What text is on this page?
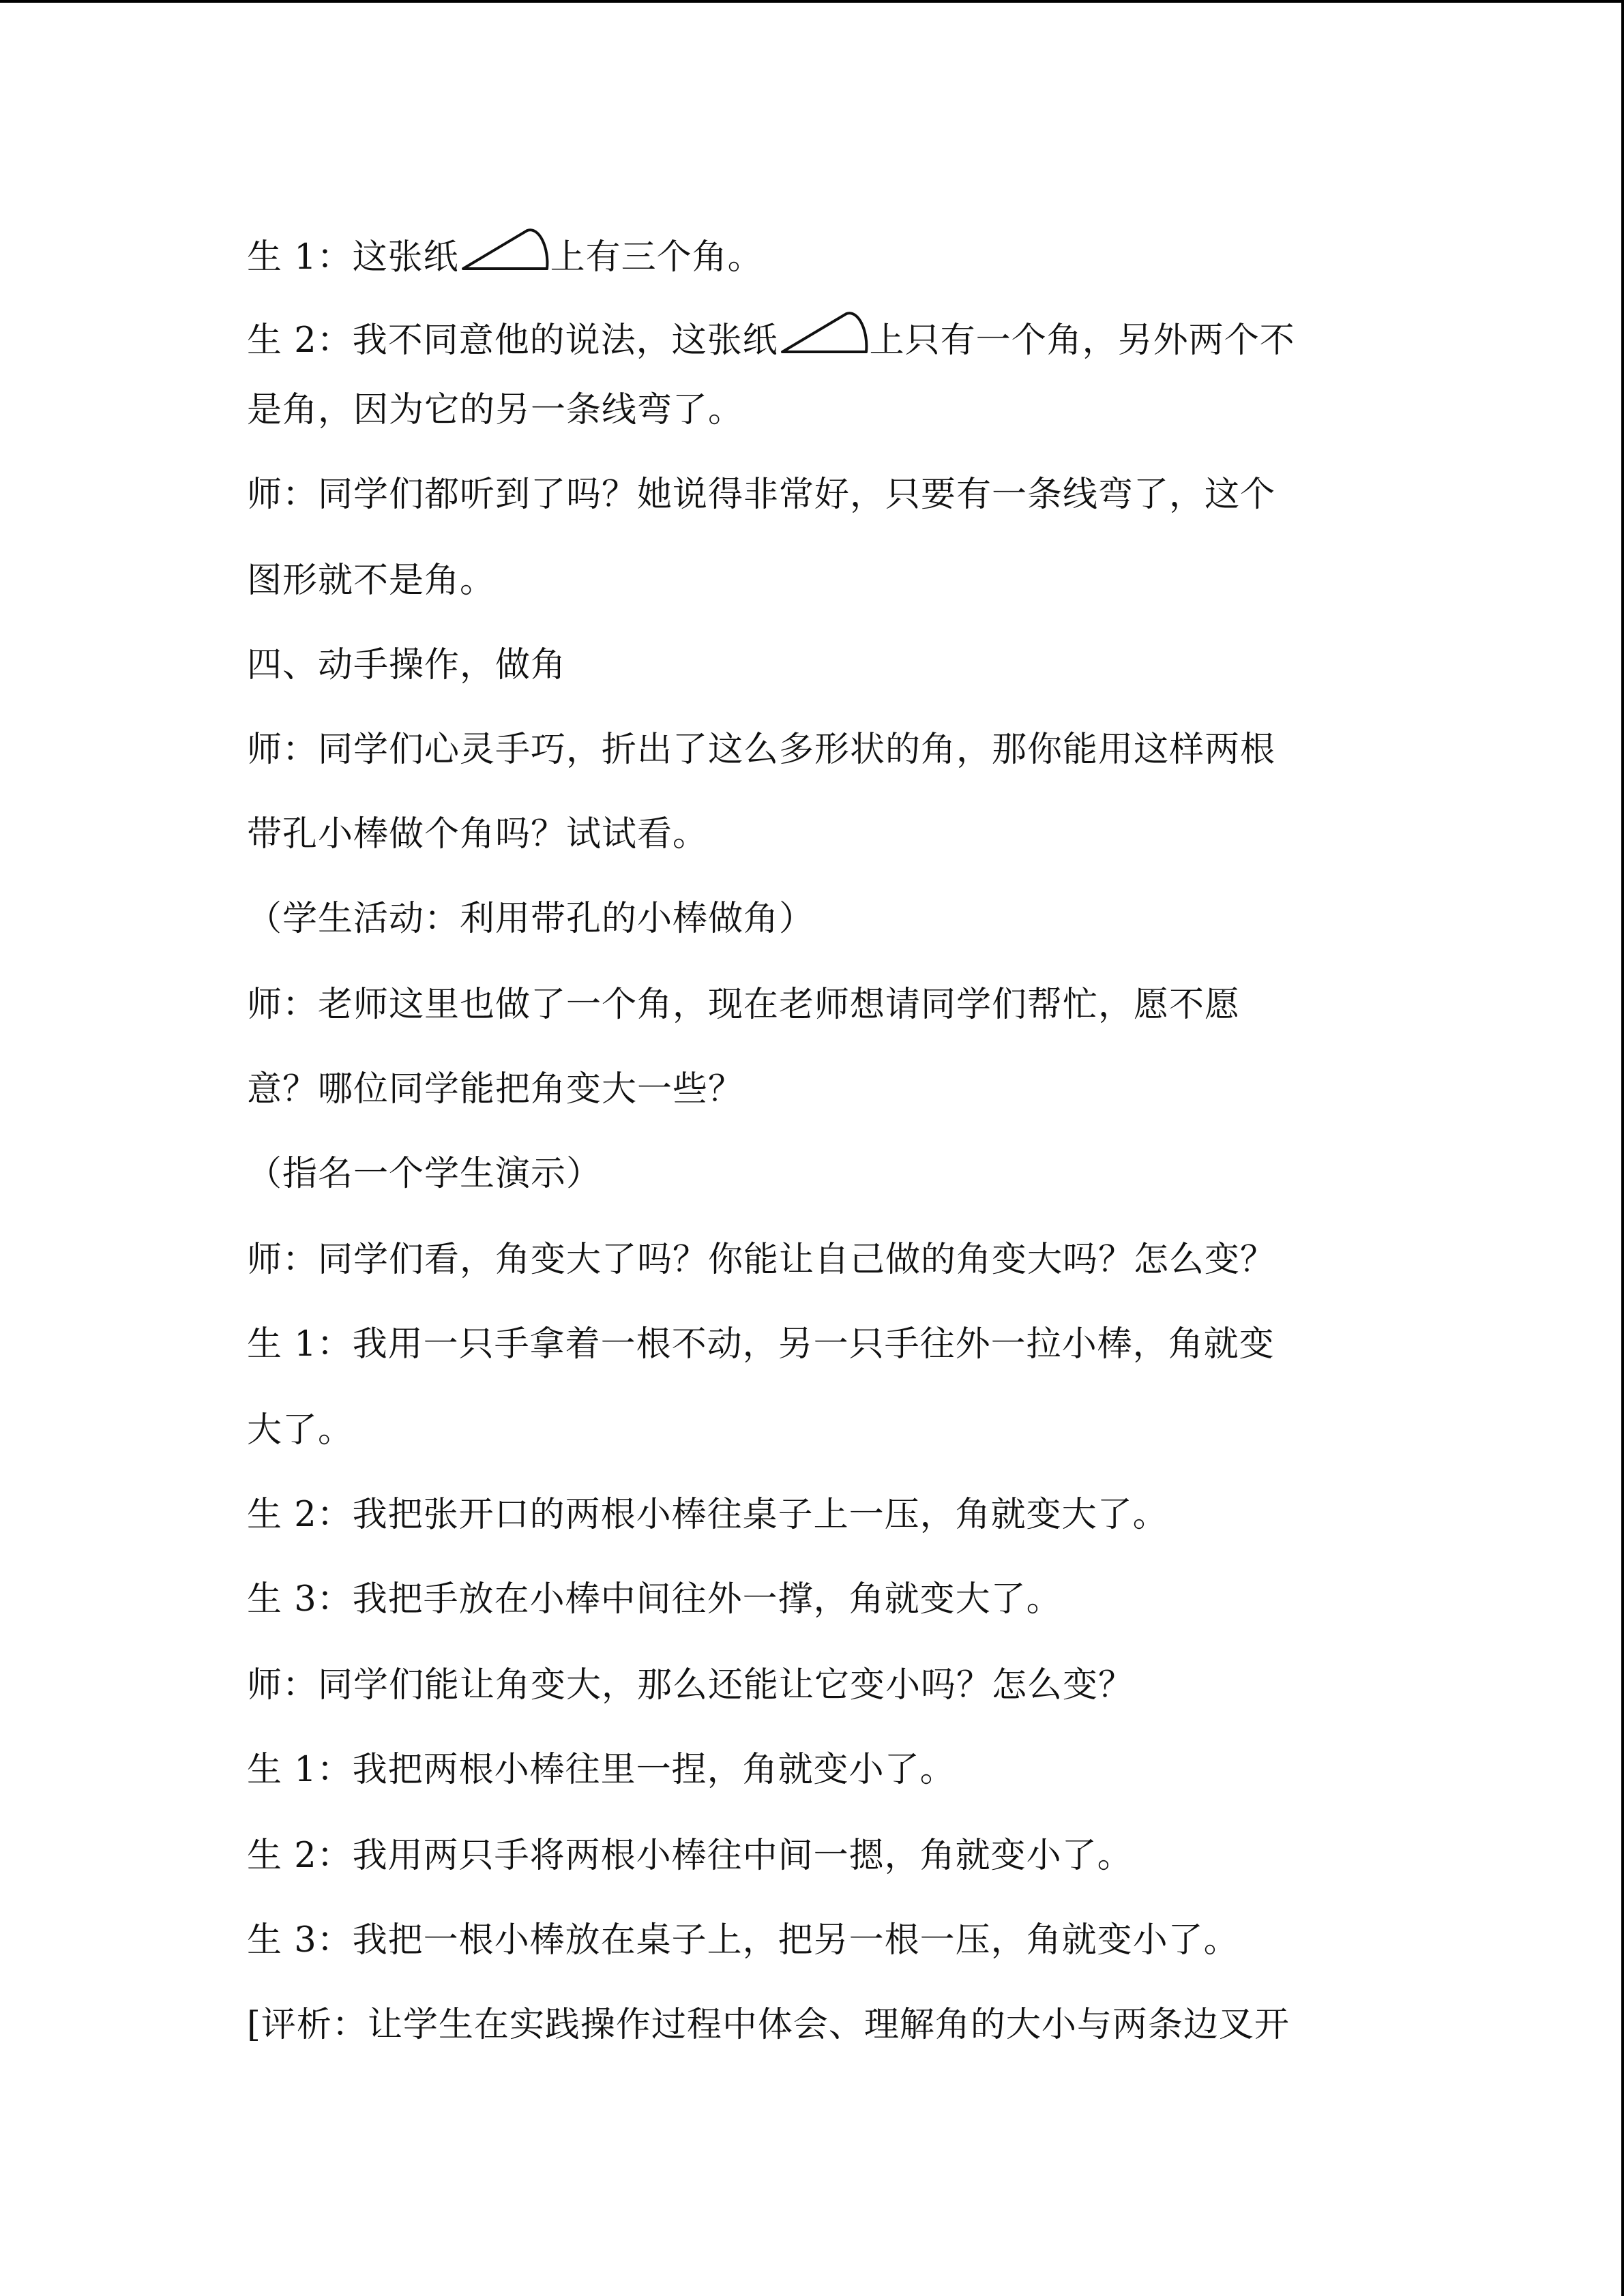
生 1：这张纸	上有三个角。
生 2：我不同意他的说法，这张纸	上只有一个角，另外两个不
是角，因为它的另一条线弯了。
师：同学们都听到了吗？她说得非常好，只要有一条线弯了，这个
图形就不是角。
四、动手操作，做角
师：同学们心灵手巧，折出了这么多形状的角，那你能用这样两根
带孔小棒做个角吗？试试看。
（学生活动：利用带孔的小棒做角）
师：老师这里也做了一个角，现在老师想请同学们帮忙，愿不愿
意？哪位同学能把角变大一些？
（指名一个学生演示）
师：同学们看，角变大了吗？你能让自己做的角变大吗？怎么变？
生 1：我用一只手拿着一根不动，另一只手往外一拉小棒，角就变
大了。
生 2：我把张开口的两根小棒往桌子上一压，角就变大了。
生 3：我把手放在小棒中间往外一撑，角就变大了。
师：同学们能让角变大，那么还能让它变小吗？怎么变？
生 1：我把两根小棒往里一捏，角就变小了。
生 2：我用两只手将两根小棒往中间一摁，角就变小了。
生 3：我把一根小棒放在桌子上，把另一根一压，角就变小了。
[评析：让学生在实践操作过程中体会、理解角的大小与两条边叉开
